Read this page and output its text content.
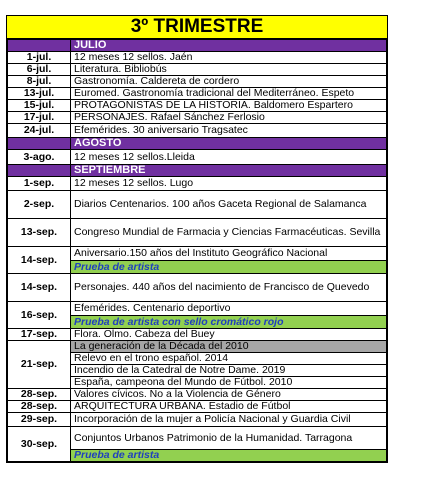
3º TRIMESTRE
	JULIO
1-jul.	12 meses 12 sellos. Jaén
6-jul.	Literatura. Bibliobús
8-jul.	Gastronomía. Caldereta de cordero
13-jul.	Euromed. Gastronomía tradicional del Mediterráneo. Espeto
15-jul.	PROTAGONISTAS DE LA HISTORIA. Baldomero Espartero
17-jul.	PERSONAJES. Rafael Sánchez Ferlosio
24-jul.	Efemérides. 30 aniversario Tragsatec
	AGOSTO
3-ago.	12 meses 12 sellos.Lleida
	SEPTIEMBRE
1-sep.	12 meses 12 sellos. Lugo
2-sep.	Diarios Centenarios. 100 años Gaceta Regional de Salamanca
13-sep.	Congreso Mundial de Farmacia y Ciencias Farmacéuticas. Sevilla
14-sep.	Aniversario.150 años del Instituto Geográfico Nacional
	Prueba de artista
14-sep.	Personajes. 440 años del nacimiento de Francisco de Quevedo
16-sep.	Efemérides. Centenario deportivo
	Prueba de artista con sello cromático rojo
17-sep.	Flora. Olmo. Cabeza del Buey
21-sep.	La generación de la Década del 2010
	Relevo en el trono español. 2014
	Incendio de la Catedral de Notre Dame. 2019
	España, campeona del Mundo de Fútbol. 2010
28-sep.	Valores cívicos. No a la Violencia de Género
28-sep.	ARQUITECTURA URBANA. Estadio de Fútbol
29-sep.	Incorporación de la mujer a Policía Nacional y Guardia Civil
30-sep.	Conjuntos Urbanos Patrimonio de la Humanidad. Tarragona
	Prueba de artista
